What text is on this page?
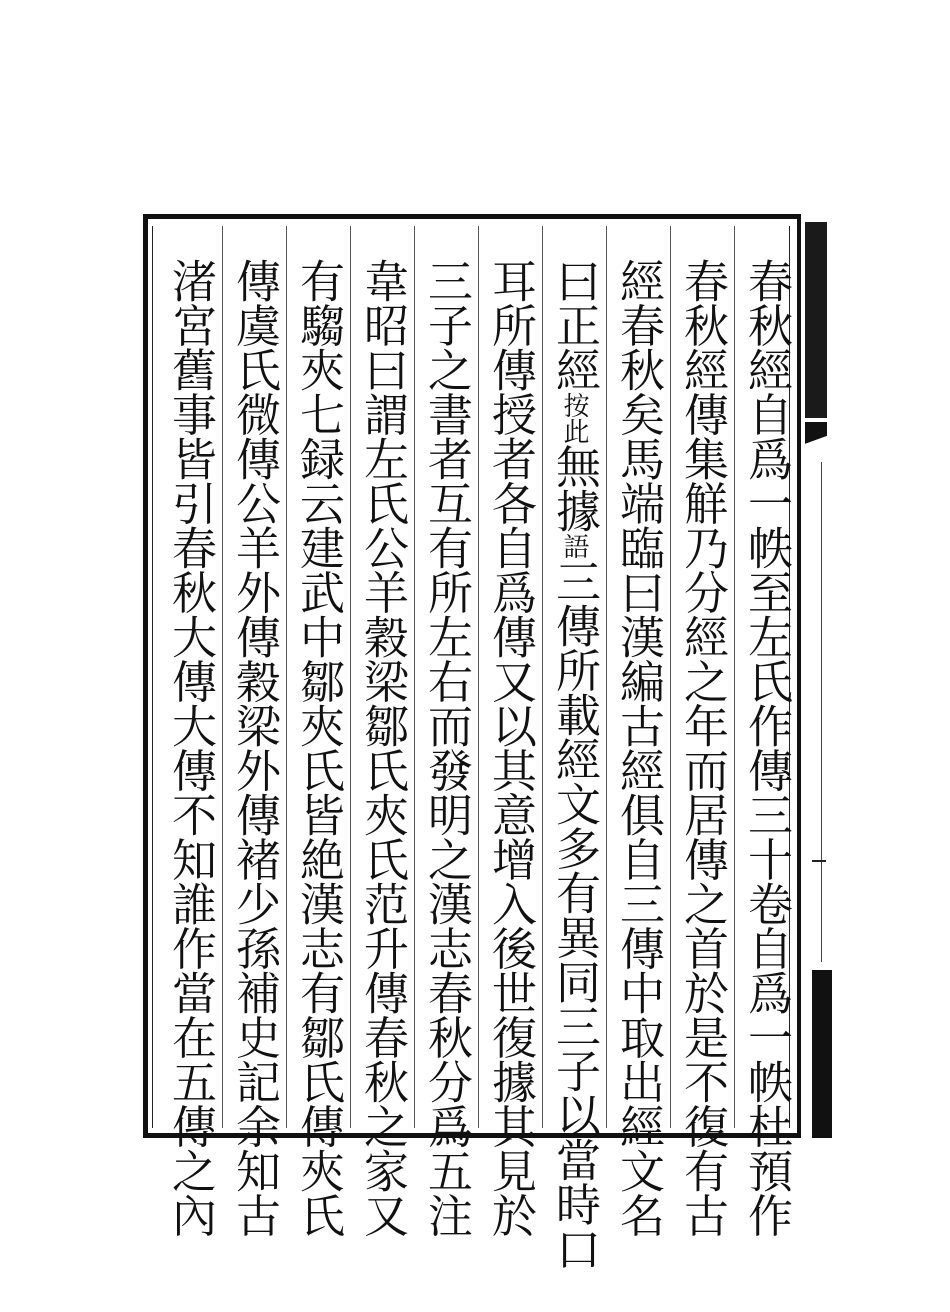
春秋經自爲一帙至左氏作傳三十卷自爲一帙杜預作
春秋經傳集觧乃分經之年而居傳之首於是不復有古
經春秋矣馬端臨曰漢編古經俱自三傳中取出經文名
曰正經按此無據語三傳所載經文多有異同三子以當時口
耳所傳授者各自爲傳又以其意增入後世復據其見於
三子之書者互有所左右而發明之漢志春秋分爲五注
韋昭曰謂左氏公羊穀梁鄒氏夾氏范升傳春秋之家又
有騶夾七録云建武中鄒夾氏皆絶漢志有鄒氏傳夾氏
傳虞氏微傳公羊外傳穀梁外傳褚少孫補史記余知古
渚宮舊事皆引春秋大傳大傳不知誰作當在五傳之內
